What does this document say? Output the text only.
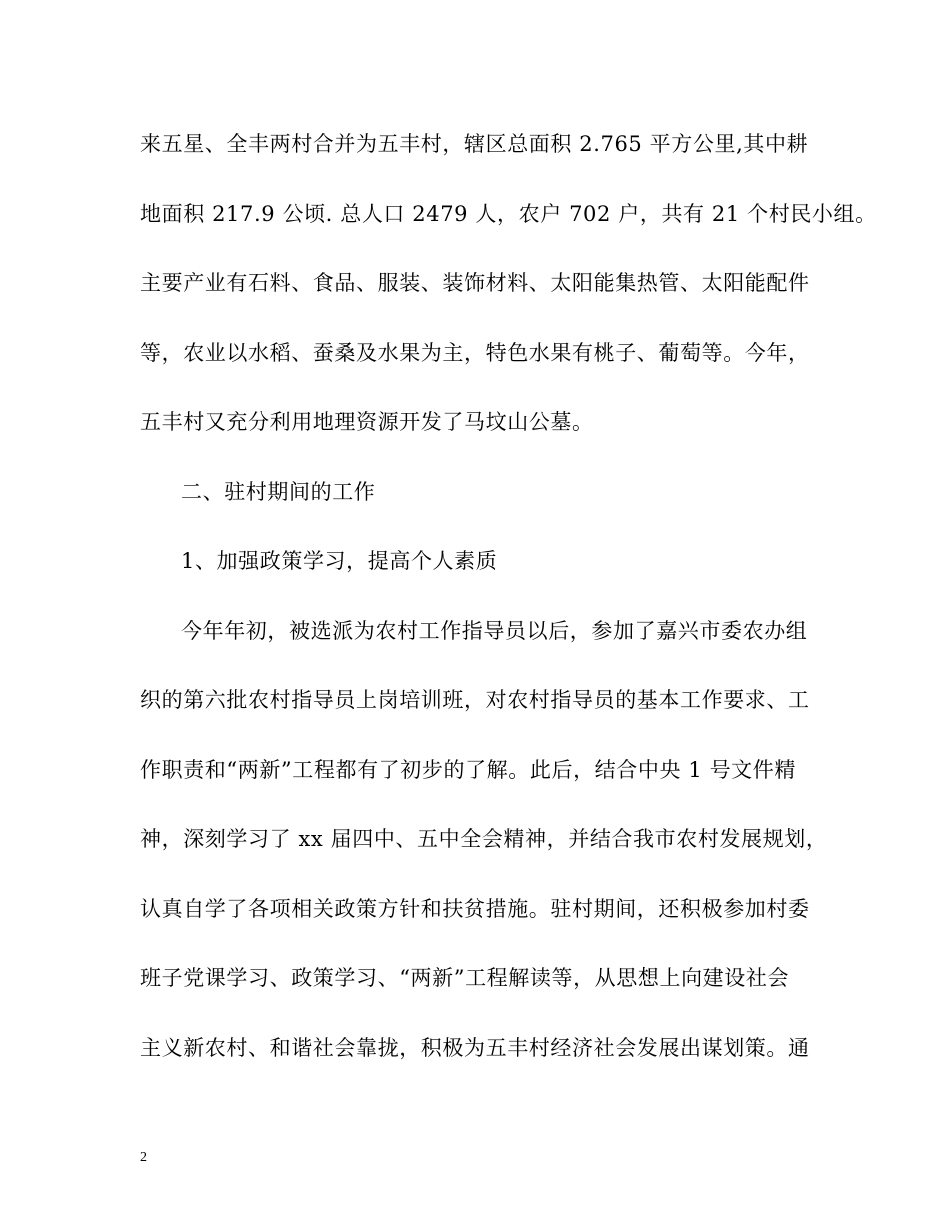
来五星、全丰两村合并为五丰村，辖区总面积 2.765 平方公里,其中耕
地面积 217.9 公顷. 总人口 2479 人，农户 702 户，共有 21 个村民小组。
主要产业有石料、食品、服装、装饰材料、太阳能集热管、太阳能配件
等，农业以水稻、蚕桑及水果为主，特色水果有桃子、葡萄等。今年，
五丰村又充分利用地理资源开发了马坟山公墓。
二、驻村期间的工作
1、加强政策学习，提高个人素质
今年年初，被选派为农村工作指导员以后，参加了嘉兴市委农办组
织的第六批农村指导员上岗培训班，对农村指导员的基本工作要求、工
作职责和“两新”工程都有了初步的了解。此后，结合中央 1 号文件精
神，深刻学习了 xx 届四中、五中全会精神，并结合我市农村发展规划，
认真自学了各项相关政策方针和扶贫措施。驻村期间，还积极参加村委
班子党课学习、政策学习、“两新”工程解读等，从思想上向建设社会
主义新农村、和谐社会靠拢，积极为五丰村经济社会发展出谋划策。通
2
